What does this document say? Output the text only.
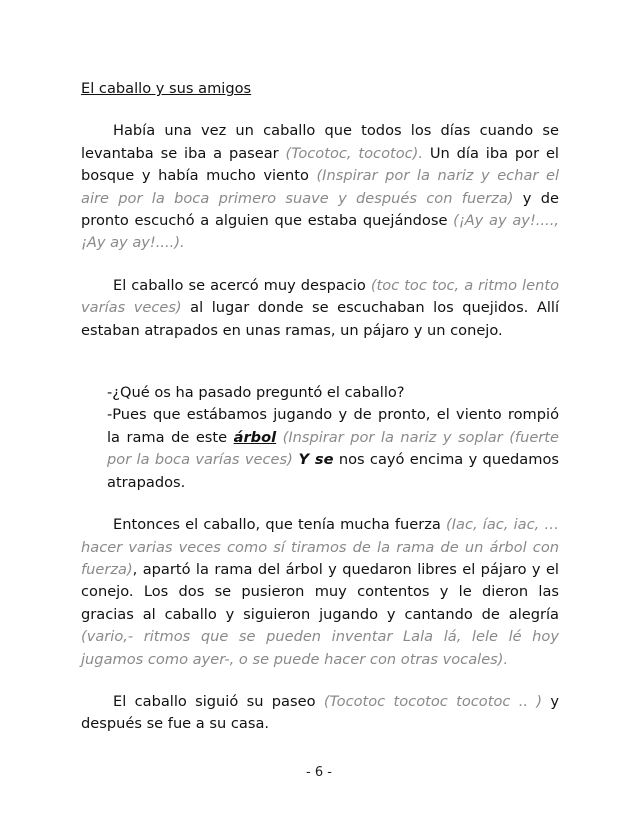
El caballo y sus amigos

Había una vez un caballo que todos los días cuando se levantaba se iba a pasear (Tocotoc, tocotoc). Un día iba por el bosque y había mucho viento (Inspirar por la nariz y echar el aire por la boca primero suave y después con fuerza) y de pronto escuchó a alguien que estaba quejándose (¡Ay ay ay!...., ¡Ay ay ay!....).

El caballo se acercó muy despacio (toc toc toc, a ritmo lento varías veces) al lugar donde se escuchaban los quejidos. Allí estaban atrapados en unas ramas, un pájaro y un conejo.

-¿Qué os ha pasado preguntó el caballo?

-Pues que estábamos jugando y de pronto, el viento rompió la rama de este árbol (Inspirar por la nariz y soplar (fuerte por la boca varías veces) Y se nos cayó encima y quedamos atrapados.

Entonces el caballo, que tenía mucha fuerza (Iac, íac, iac, … hacer varias veces como sí tiramos de la rama de un árbol con fuerza), apartó la rama del árbol y quedaron libres el pájaro y el conejo. Los dos se pusieron muy contentos y le dieron las gracias al caballo y siguieron jugando y cantando de alegría (vario,- ritmos que se pueden inventar Lala lá, lele lé hoy jugamos como ayer-, o se puede hacer con otras vocales).

El caballo siguió su paseo (Tocotoc tocotoc tocotoc .. ) y después se fue a su casa.

- 6 -
